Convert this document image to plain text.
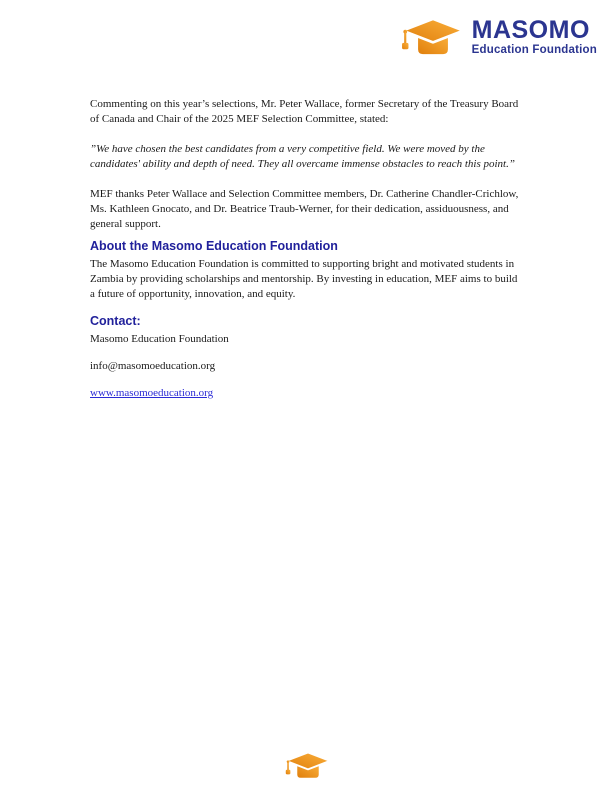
MASOMO
Education Foundation

Commenting on this year’s selections, Mr. Peter Wallace, former Secretary of the Treasury Board of Canada and Chair of the 2025 MEF Selection Committee, stated:

”We have chosen the best candidates from a very competitive field. We were moved by the candidates' ability and depth of need. They all overcame immense obstacles to reach this point.”

MEF thanks Peter Wallace and Selection Committee members, Dr. Catherine Chandler-Crichlow, Ms. Kathleen Gnocato, and Dr. Beatrice Traub-Werner, for their dedication, assiduousness, and general support.

About the Masomo Education Foundation

The Masomo Education Foundation is committed to supporting bright and motivated students in Zambia by providing scholarships and mentorship. By investing in education, MEF aims to build a future of opportunity, innovation, and equity.

Contact:

Masomo Education Foundation

info@masomoeducation.org

www.masomoeducation.org
